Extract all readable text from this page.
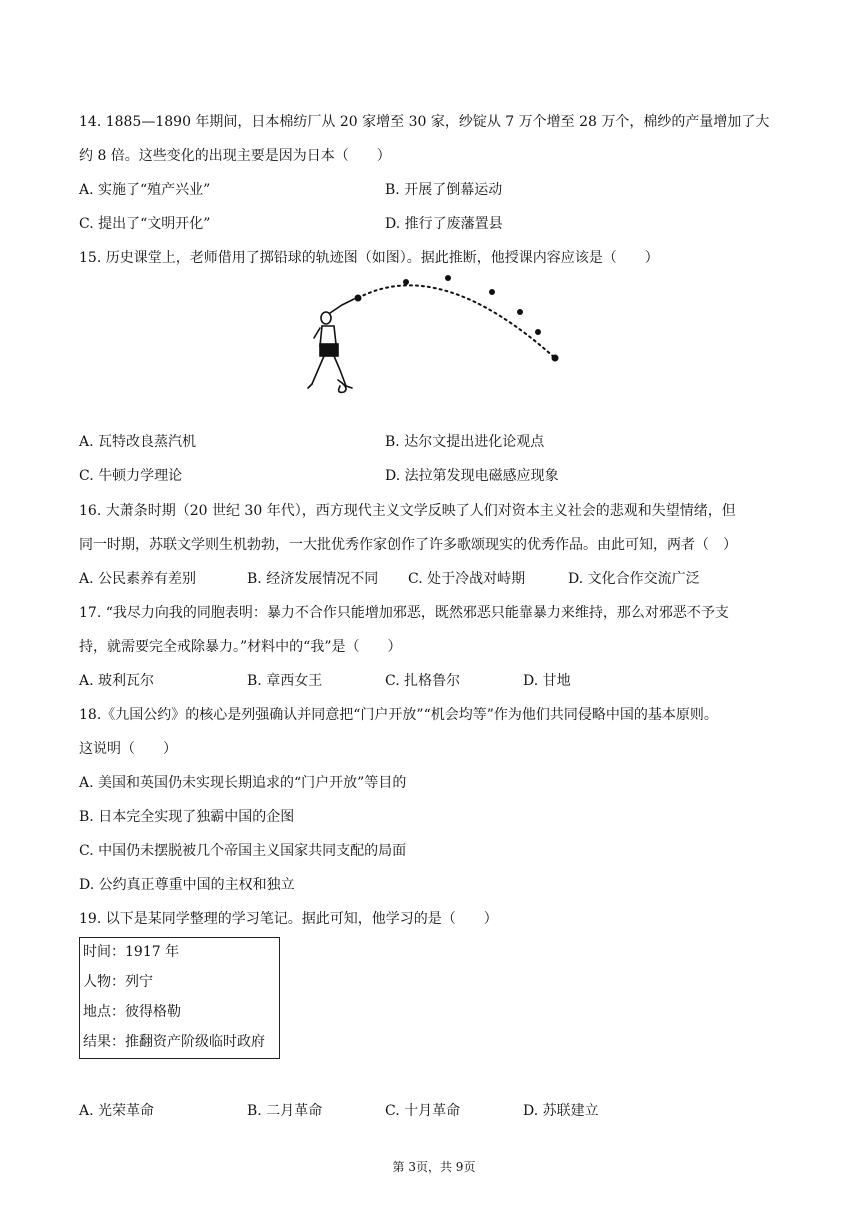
14. 1885—1890 年期间，日本棉纺厂从 20 家增至 30 家，纱锭从 7 万个增至 28 万个，棉纱的产量增加了大
约 8 倍。这些变化的出现主要是因为日本（　　）
A. 实施了“殖产兴业”	B. 开展了倒幕运动
C. 提出了“文明开化”	D. 推行了废藩置县
15. 历史课堂上，老师借用了掷铅球的轨迹图（如图）。据此推断，他授课内容应该是（　　）
A. 瓦特改良蒸汽机	B. 达尔文提出进化论观点
C. 牛顿力学理论	D. 法拉第发现电磁感应现象
16. 大萧条时期（20 世纪 30 年代），西方现代主义文学反映了人们对资本主义社会的悲观和失望情绪，但
同一时期，苏联文学则生机勃勃，一大批优秀作家创作了许多歌颂现实的优秀作品。由此可知，两者（　）
A. 公民素养有差别	B. 经济发展情况不同 C. 处于冷战对峙期	D. 文化合作交流广泛
17. “我尽力向我的同胞表明：暴力不合作只能增加邪恶，既然邪恶只能靠暴力来维持，那么对邪恶不予支
持，就需要完全戒除暴力。”材料中的“我”是（　　）
A. 玻利瓦尔	B. 章西女王	C. 扎格鲁尔	D. 甘地
18.《九国公约》的核心是列强确认并同意把“门户开放”“机会均等”作为他们共同侵略中国的基本原则。
这说明（　　）
A. 美国和英国仍未实现长期追求的“门户开放”等目的
B. 日本完全实现了独霸中国的企图
C. 中国仍未摆脱被几个帝国主义国家共同支配的局面
D. 公约真正尊重中国的主权和独立
19. 以下是某同学整理的学习笔记。据此可知，他学习的是（　　）
时间：1917 年
人物：列宁
地点：彼得格勒
结果：推翻资产阶级临时政府
A. 光荣革命	B. 二月革命	C. 十月革命	D. 苏联建立
第 3页，共 9页
